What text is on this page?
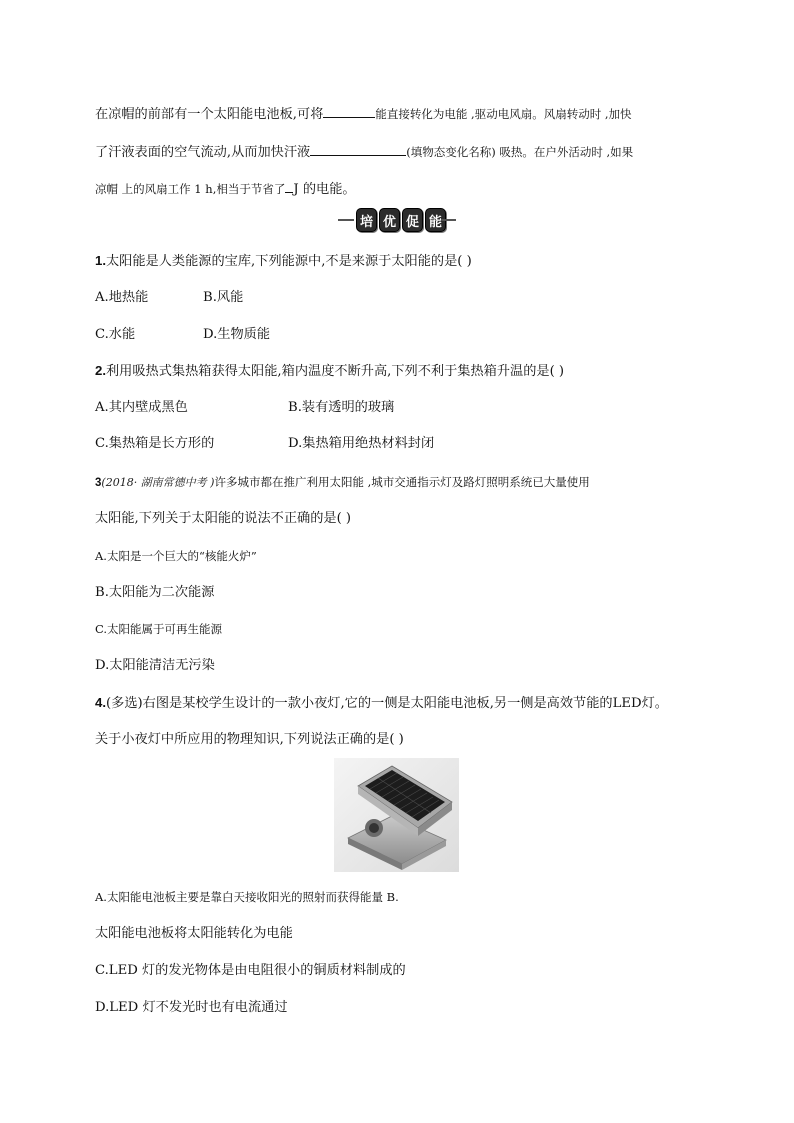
在凉帽的前部有一个太阳能电池板,可将	能直接转化为电能 ,驱动电风扇。风扇转动时 ,加快
了汗液表面的空气流动,从而加快汗液	(填物态变化名称) 吸热。在户外活动时 ,如果
凉帽 上的风扇工作 1 h,相当于节省了 J 的电能。
培 优 促 能
1.太阳能是人类能源的宝库,下列能源中,不是来源于太阳能的是( )
A.地热能	B.风能
C.水能	D.生物质能
2.利用吸热式集热箱获得太阳能,箱内温度不断升高,下列不利于集热箱升温的是( )
A.其内壁成黑色	B.装有透明的玻璃
C.集热箱是长方形的	D.集热箱用绝热材料封闭
3(2018· 湖南常德中考 )许多城市都在推广利用太阳能 ,城市交通指示灯及路灯照明系统已大量使用
太阳能,下列关于太阳能的说法不正确的是( )
A.太阳是一个巨大的“核能火炉”
B.太阳能为二次能源
C.太阳能属于可再生能源
D.太阳能清洁无污染
4.(多选)右图是某校学生设计的一款小夜灯,它的一侧是太阳能电池板,另一侧是高效节能的LED灯。
关于小夜灯中所应用的物理知识,下列说法正确的是( )
A.太阳能电池板主要是靠白天接收阳光的照射而获得能量 B.
太阳能电池板将太阳能转化为电能
C.LED 灯的发光物体是由电阻很小的铜质材料制成的
D.LED 灯不发光时也有电流通过
